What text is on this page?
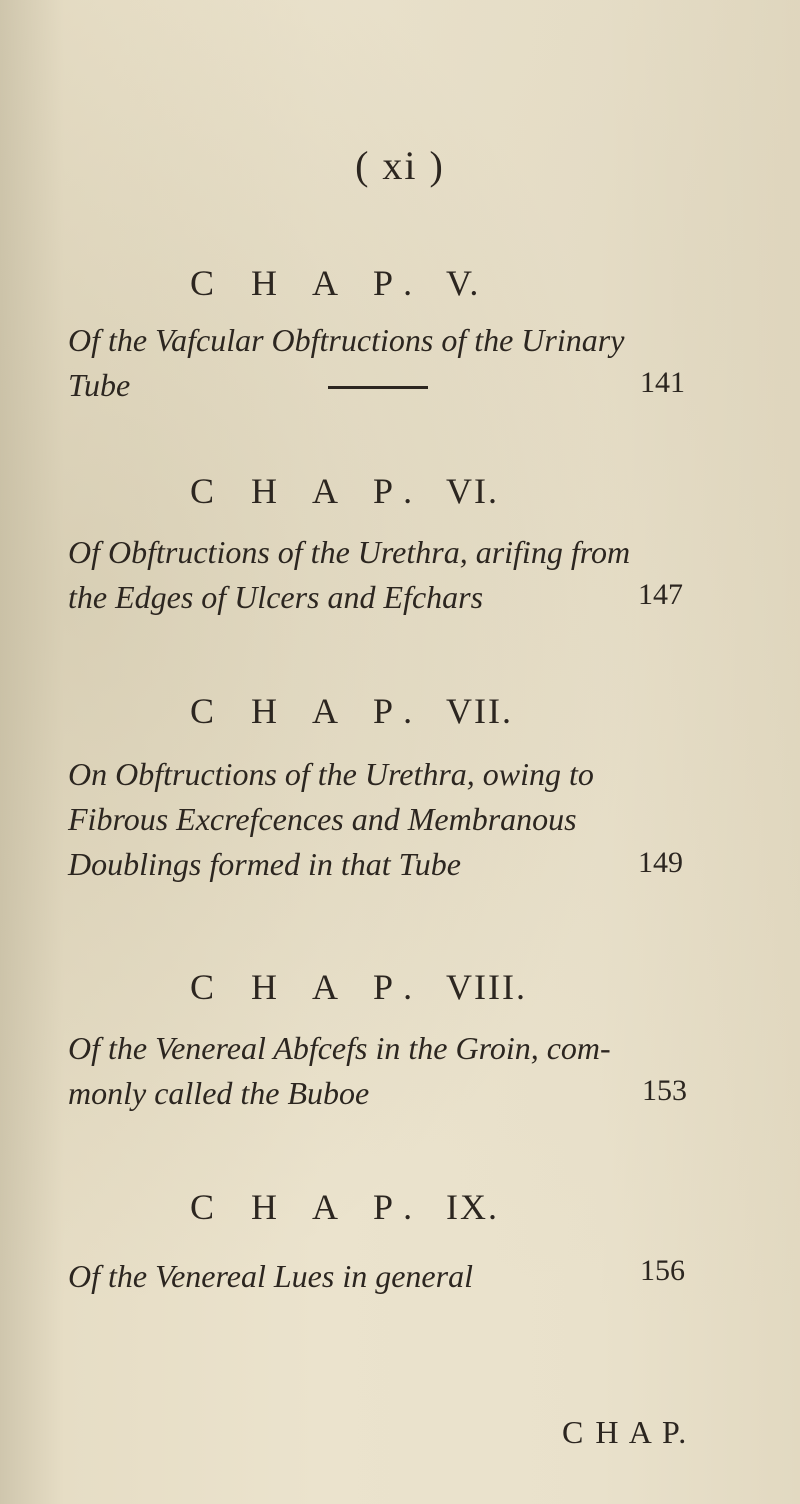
( xi )
C H A P. V.
Of the Vafcular Obftructions of the Urinary
Tube	141
C H A P. VI.
Of Obftructions of the Urethra, arifing from
the Edges of Ulcers and Efchars	147
C H A P. VII.
On Obftructions of the Urethra, owing to
Fibrous Excrefcences and Membranous
Doublings formed in that Tube	149
C H A P. VIII.
Of the Venereal Abfcefs in the Groin, com-
monly called the Buboe	153
C H A P. IX.
Of the Venereal Lues in general	156
C H A P.
